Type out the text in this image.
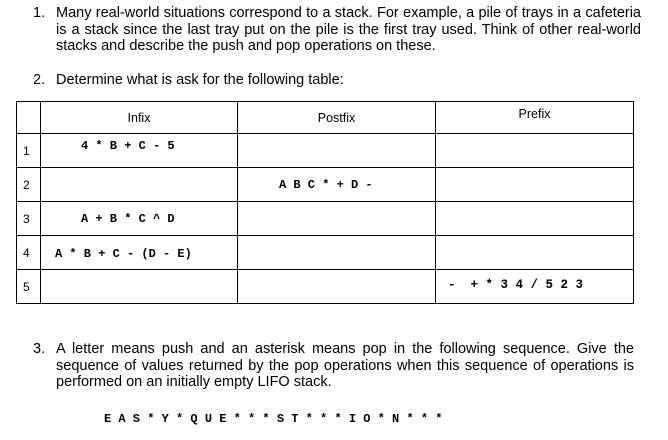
1. Many real-world situations correspond to a stack. For example, a pile of trays in a cafeteria is a stack since the last tray put on the pile is the first tray used. Think of other real-world stacks and describe the push and pop operations on these.
2. Determine what is ask for the following table:

	Infix	Postfix	Prefix

1	4 * B + C - 5		

2		A B C * + D -	

3	A + B * C ^ D		

4	A * B + C - (D - E)		

5			-  + * 3 4 / 5 2 3
3. A letter means push and an asterisk means pop in the following sequence. Give the sequence of values returned by the pop operations when this sequence of operations is performed on an initially empty LIFO stack.
E A S * Y * Q U E * * * S T * * * I O * N * * *
